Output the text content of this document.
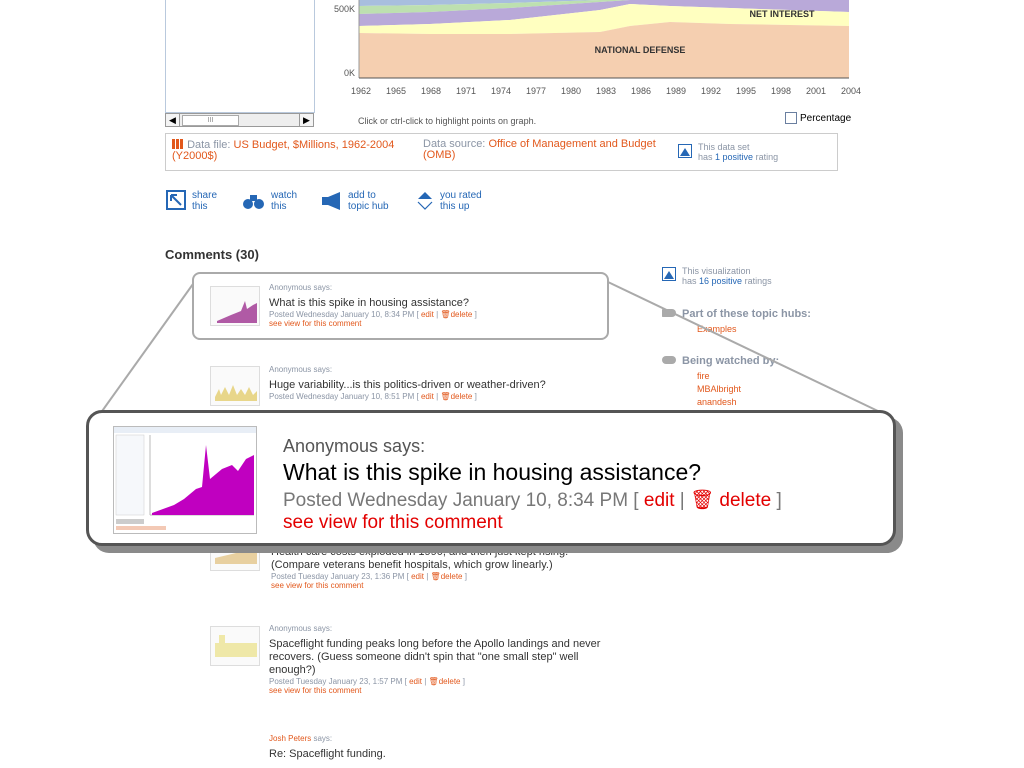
◀	III	▶
500K
0K
1962 1965 1968 1971 1974 1977 1980 1983 1986 1989 1992 1995 1998 2001 2004
NET INTEREST
NATIONAL DEFENSE
Click or ctrl-click to highlight points on graph.	Percentage
Data file: US Budget, $Millions, 1962-2004 (Y2000$)
Data source: Office of Management and Budget (OMB)
This data set
has 1 positive rating
share
this
watch
this
add to
topic hub
you rated
this up
Comments (30)
Anonymous says:
What is this spike in housing assistance?
Posted Wednesday January 10, 8:34 PM [ edit | 🗑delete ]
see view for this comment
Anonymous says:
Huge variability...is this politics-driven or weather-driven?
Posted Wednesday January 10, 8:51 PM [ edit | 🗑delete ]
Health care costs exploded in 1990, and then just kept rising.
(Compare veterans benefit hospitals, which grow linearly.)
Posted Tuesday January 23, 1:36 PM [ edit | 🗑delete ]
see view for this comment
Anonymous says:
Spaceflight funding peaks long before the Apollo landings and never
recovers. (Guess someone didn't spin that "one small step" well
enough?)
Posted Tuesday January 23, 1:57 PM [ edit | 🗑delete ]
see view for this comment
Josh Peters says:
Re: Spaceflight funding.
This visualization
has 16 positive ratings
Part of these topic hubs:
Examples
Being watched by:
fire
MBAlbright
anandesh
Anonymous says:
What is this spike in housing assistance?
Posted Wednesday January 10, 8:34 PM [ edit | 🗑 delete ]
see view for this comment
